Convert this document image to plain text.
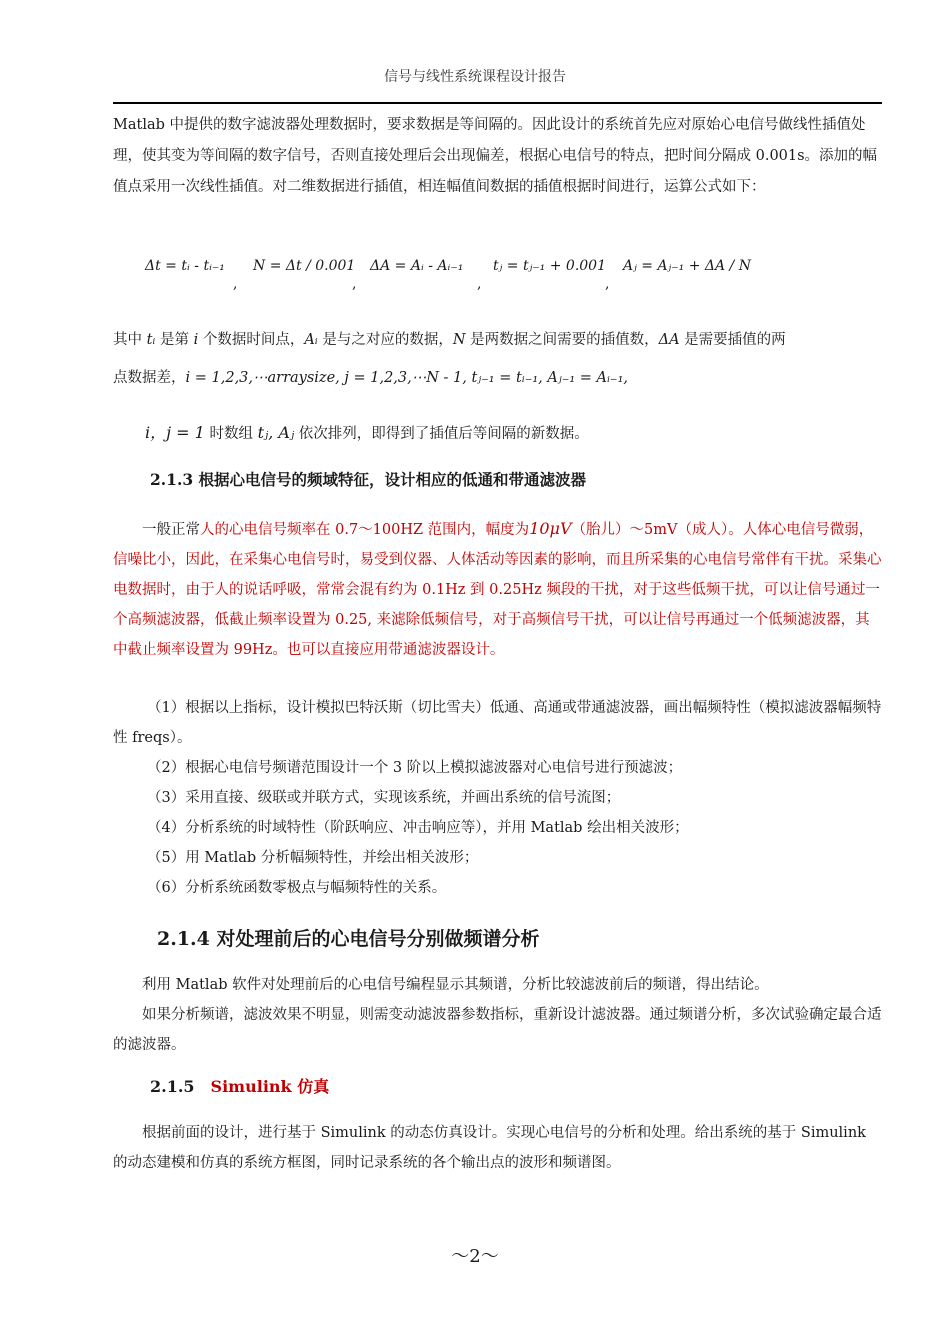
信号与线性系统课程设计报告
Matlab 中提供的数字滤波器处理数据时，要求数据是等间隔的。因此设计的系统首先应对原始心电信号做线性插值处理，使其变为等间隔的数字信号，否则直接处理后会出现偏差，根据心电信号的特点，把时间分隔成 0.001s。添加的幅值点采用一次线性插值。对二维数据进行插值，相连幅值间数据的插值根据时间进行，运算公式如下：
Δt = tᵢ - tᵢ₋₁
,
N = Δt / 0.001
,
ΔA = Aᵢ - Aᵢ₋₁
,
tⱼ = tⱼ₋₁ + 0.001
,
Aⱼ = Aⱼ₋₁ + ΔA / N
其中 tᵢ 是第 i 个数据时间点，Aᵢ 是与之对应的数据，N 是两数据之间需要的插值数，ΔA 是需要插值的两
点数据差，i = 1,2,3,⋯arraysize, j = 1,2,3,⋯N - 1, tⱼ₋₁ = tᵢ₋₁, Aⱼ₋₁ = Aᵢ₋₁,
i，j = 1 时数组 tⱼ, Aⱼ 依次排列，即得到了插值后等间隔的新数据。
2.1.3 根据心电信号的频域特征，设计相应的低通和带通滤波器
一般正常人的心电信号频率在 0.7～100HZ 范围内，幅度为10μV（胎儿）～5mV（成人）。人体心电信号微弱，信噪比小，因此，在采集心电信号时，易受到仪器、人体活动等因素的影响，而且所采集的心电信号常伴有干扰。采集心电数据时，由于人的说话呼吸，常常会混有约为 0.1Hz 到 0.25Hz 频段的干扰，对于这些低频干扰，可以让信号通过一个高频滤波器，低截止频率设置为 0.25, 来滤除低频信号，对于高频信号干扰，可以让信号再通过一个低频滤波器，其中截止频率设置为 99Hz。也可以直接应用带通滤波器设计。
（1）根据以上指标，设计模拟巴特沃斯（切比雪夫）低通、高通或带通滤波器，画出幅频特性（模拟滤波器幅频特性 freqs）。
（2）根据心电信号频谱范围设计一个 3 阶以上模拟滤波器对心电信号进行预滤波；
（3）采用直接、级联或并联方式，实现该系统，并画出系统的信号流图；
（4）分析系统的时域特性（阶跃响应、冲击响应等），并用 Matlab 绘出相关波形；
（5）用 Matlab 分析幅频特性，并绘出相关波形；
（6）分析系统函数零极点与幅频特性的关系。
2.1.4 对处理前后的心电信号分别做频谱分析
利用 Matlab 软件对处理前后的心电信号编程显示其频谱，分析比较滤波前后的频谱，得出结论。
如果分析频谱，滤波效果不明显，则需变动滤波器参数指标，重新设计滤波器。通过频谱分析，多次试验确定最合适的滤波器。
2.1.5 Simulink 仿真
根据前面的设计，进行基于 Simulink 的动态仿真设计。实现心电信号的分析和处理。给出系统的基于 Simulink 的动态建模和仿真的系统方框图，同时记录系统的各个输出点的波形和频谱图。
～2～
